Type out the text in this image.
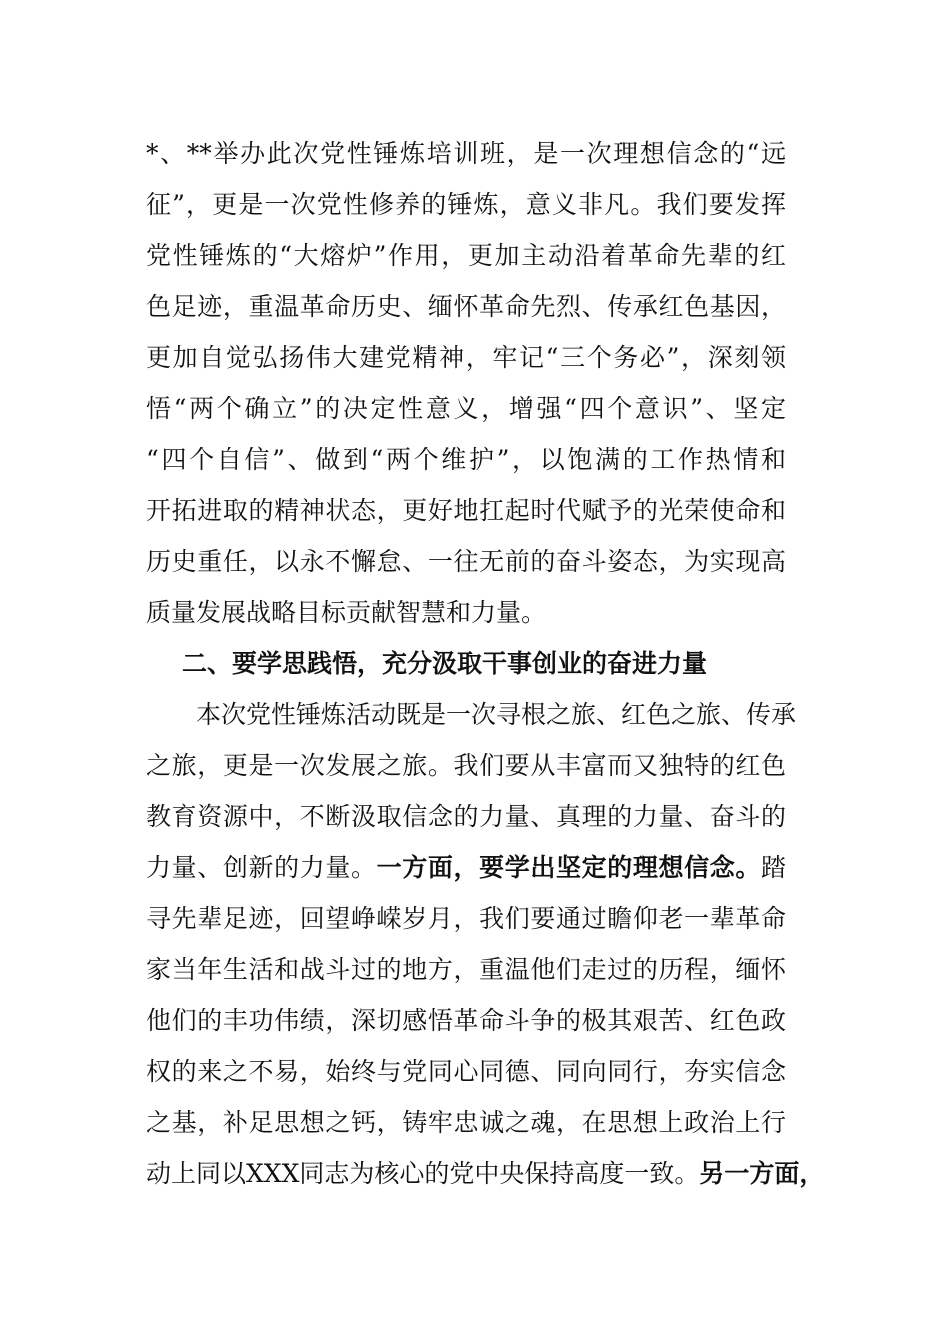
*、**举办此次党性锤炼培训班，是一次理想信念的“远
征”，更是一次党性修养的锤炼，意义非凡。我们要发挥
党性锤炼的“大熔炉”作用，更加主动沿着革命先辈的红
色足迹，重温革命历史、缅怀革命先烈、传承红色基因，
更加自觉弘扬伟大建党精神，牢记“三个务必”，深刻领
悟“两个确立”的决定性意义，增强“四个意识”、坚定
“四个自信”、做到“两个维护”，以饱满的工作热情和
开拓进取的精神状态，更好地扛起时代赋予的光荣使命和
历史重任，以永不懈怠、一往无前的奋斗姿态，为实现高
质量发展战略目标贡献智慧和力量。
二、要学思践悟，充分汲取干事创业的奋进力量
本次党性锤炼活动既是一次寻根之旅、红色之旅、传承
之旅，更是一次发展之旅。我们要从丰富而又独特的红色
教育资源中，不断汲取信念的力量、真理的力量、奋斗的
力量、创新的力量。一方面，要学出坚定的理想信念。踏
寻先辈足迹，回望峥嵘岁月，我们要通过瞻仰老一辈革命
家当年生活和战斗过的地方，重温他们走过的历程，缅怀
他们的丰功伟绩，深切感悟革命斗争的极其艰苦、红色政
权的来之不易，始终与党同心同德、同向同行，夯实信念
之基，补足思想之钙，铸牢忠诚之魂，在思想上政治上行
动上同以XXX同志为核心的党中央保持高度一致。另一方面，
